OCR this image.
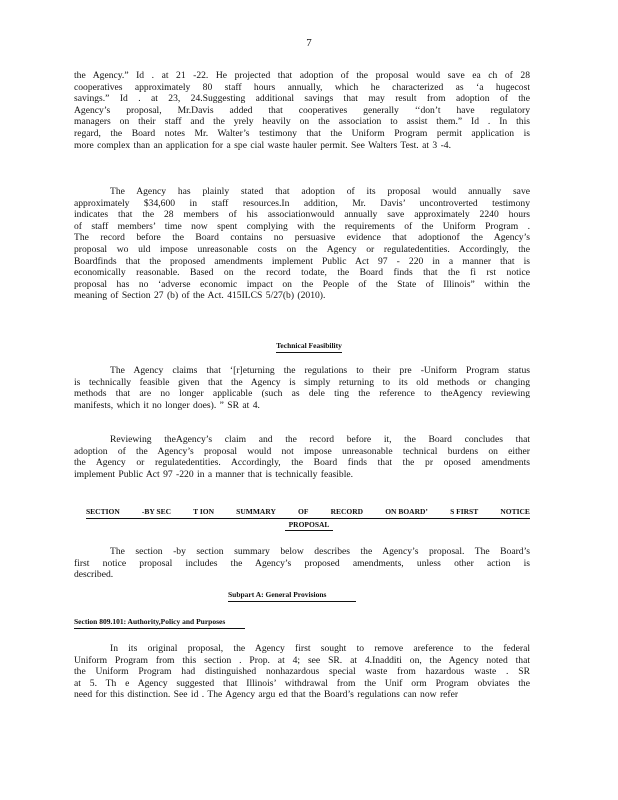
7
the Agency.” Id . at 21 -22. He projected that adoption of the proposal would save ea ch of 28
cooperatives approximately 80 staff hours annually, which he characterized as ‘a hugecost
savings.” Id . at 23, 24.Suggesting additional savings that may result from adoption of the
Agency’s proposal, Mr.Davis added that cooperatives generally ‘‘don’t have regulatory
managers on their staff and the yrely heavily on the association to assist them.” Id . In this
regard, the Board notes Mr. Walter’s testimony that the Uniform Program permit application is
more complex than an application for a spe cial waste hauler permit. See Walters Test. at 3 -4.
The Agency has plainly stated that adoption of its proposal would annually save
approximately $34,600 in staff resources.In addition, Mr. Davis’ uncontroverted testimony
indicates that the 28 members of his associationwould annually save approximately 2240 hours
of staff members’ time now spent complying with the requirements of the Uniform Program .
The record before the Board contains no persuasive evidence that adoptionof the Agency’s
proposal wo uld impose unreasonable costs on the Agency or regulatedentities. Accordingly, the
Boardfinds that the proposed amendments implement Public Act 97 - 220 in a manner that is
economically reasonable. Based on the record todate, the Board finds that the fi rst notice
proposal has no ‘adverse economic impact on the People of the State of Illinois” within the
meaning of Section 27 (b) of the Act. 415ILCS 5/27(b) (2010).
Technical Feasibility
The Agency claims that ‘[r]eturning the regulations to their pre -Uniform Program status
is technically feasible given that the Agency is simply returning to its old methods or changing
methods that are no longer applicable (such as dele ting the reference to theAgency reviewing
manifests, which it no longer does). ” SR at 4.
Reviewing theAgency’s claim and the record before it, the Board concludes that
adoption of the Agency’s proposal would not impose unreasonable technical burdens on either
the Agency or regulatedentities. Accordingly, the Board finds that the pr oposed amendments
implement Public Act 97 -220 in a manner that is technically feasible.
SECTION	-BY SEC	T ION	SUMMARY	OF	RECORD	ON BOARD’	S FIRST	NOTICE
PROPOSAL
The section -by section summary below describes the Agency’s proposal. The Board’s
first notice proposal includes the Agency’s proposed amendments, unless other action is
described.
Subpart A: General Provisions
Section 809.101: Authority,Policy and Purposes
In its original proposal, the Agency first sought to remove areference to the federal
Uniform Program from this section . Prop. at 4; see SR. at 4.Inadditi on, the Agency noted that
the Uniform Program had distinguished nonhazardous special waste from hazardous waste . SR
at 5. Th e Agency suggested that Illinois’ withdrawal from the Unif orm Program obviates the
need for this distinction. See id . The Agency argu ed that the Board’s regulations can now refer
